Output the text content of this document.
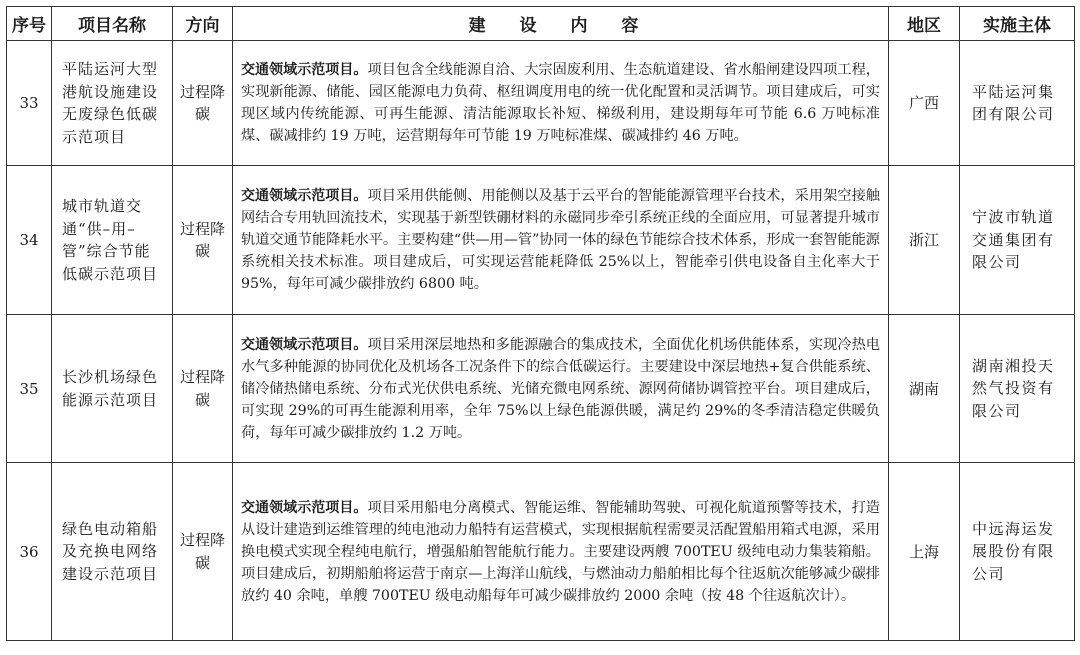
序号	项目名称	方向	建 设 内 容	地区	实施主体
33	平陆运河大型港航设施建设无废绿色低碳示范项目	过程降碳	交通领域示范项目。项目包含全线能源自洽、大宗固废利用、生态航道建设、省水船闸建设四项工程，实现新能源、储能、园区能源电力负荷、枢纽调度用电的统一优化配置和灵活调节。项目建成后，可实现区域内传统能源、可再生能源、清洁能源取长补短、梯级利用，建设期每年可节能 6.6 万吨标准煤、碳减排约 19 万吨，运营期每年可节能 19 万吨标准煤、碳减排约 46 万吨。	广西	平陆运河集团有限公司
34	城市轨道交通“供–用–管”综合节能低碳示范项目	过程降碳	交通领域示范项目。项目采用供能侧、用能侧以及基于云平台的智能能源管理平台技术，采用架空接触网结合专用轨回流技术，实现基于新型铁硼材料的永磁同步牵引系统正线的全面应用，可显著提升城市轨道交通节能降耗水平。主要构建“供—用—管”协同一体的绿色节能综合技术体系，形成一套智能能源系统相关技术标准。项目建成后，可实现运营能耗降低 25%以上，智能牵引供电设备自主化率大于 95%，每年可减少碳排放约 6800 吨。	浙江	宁波市轨道交通集团有限公司
35	长沙机场绿色能源示范项目	过程降碳	交通领域示范项目。项目采用深层地热和多能源融合的集成技术，全面优化机场供能体系，实现冷热电水气多种能源的协同优化及机场各工况条件下的综合低碳运行。主要建设中深层地热+复合供能系统、储冷储热储电系统、分布式光伏供电系统、光储充微电网系统、源网荷储协调管控平台。项目建成后，可实现 29%的可再生能源利用率，全年 75%以上绿色能源供暖，满足约 29%的冬季清洁稳定供暖负荷，每年可减少碳排放约 1.2 万吨。	湖南	湖南湘投天然气投资有限公司
36	绿色电动箱船及充换电网络建设示范项目	过程降碳	交通领域示范项目。项目采用船电分离模式、智能运维、智能辅助驾驶、可视化航道预警等技术，打造从设计建造到运维管理的纯电池动力船特有运营模式，实现根据航程需要灵活配置船用箱式电源，采用换电模式实现全程纯电航行，增强船舶智能航行能力。主要建设两艘 700TEU 级纯电动力集装箱船。项目建成后，初期船舶将运营于南京—上海洋山航线，与燃油动力船舶相比每个往返航次能够减少碳排放约 40 余吨，单艘 700TEU 级电动船每年可减少碳排放约 2000 余吨（按 48 个往返航次计）。	上海	中远海运发展股份有限公司
